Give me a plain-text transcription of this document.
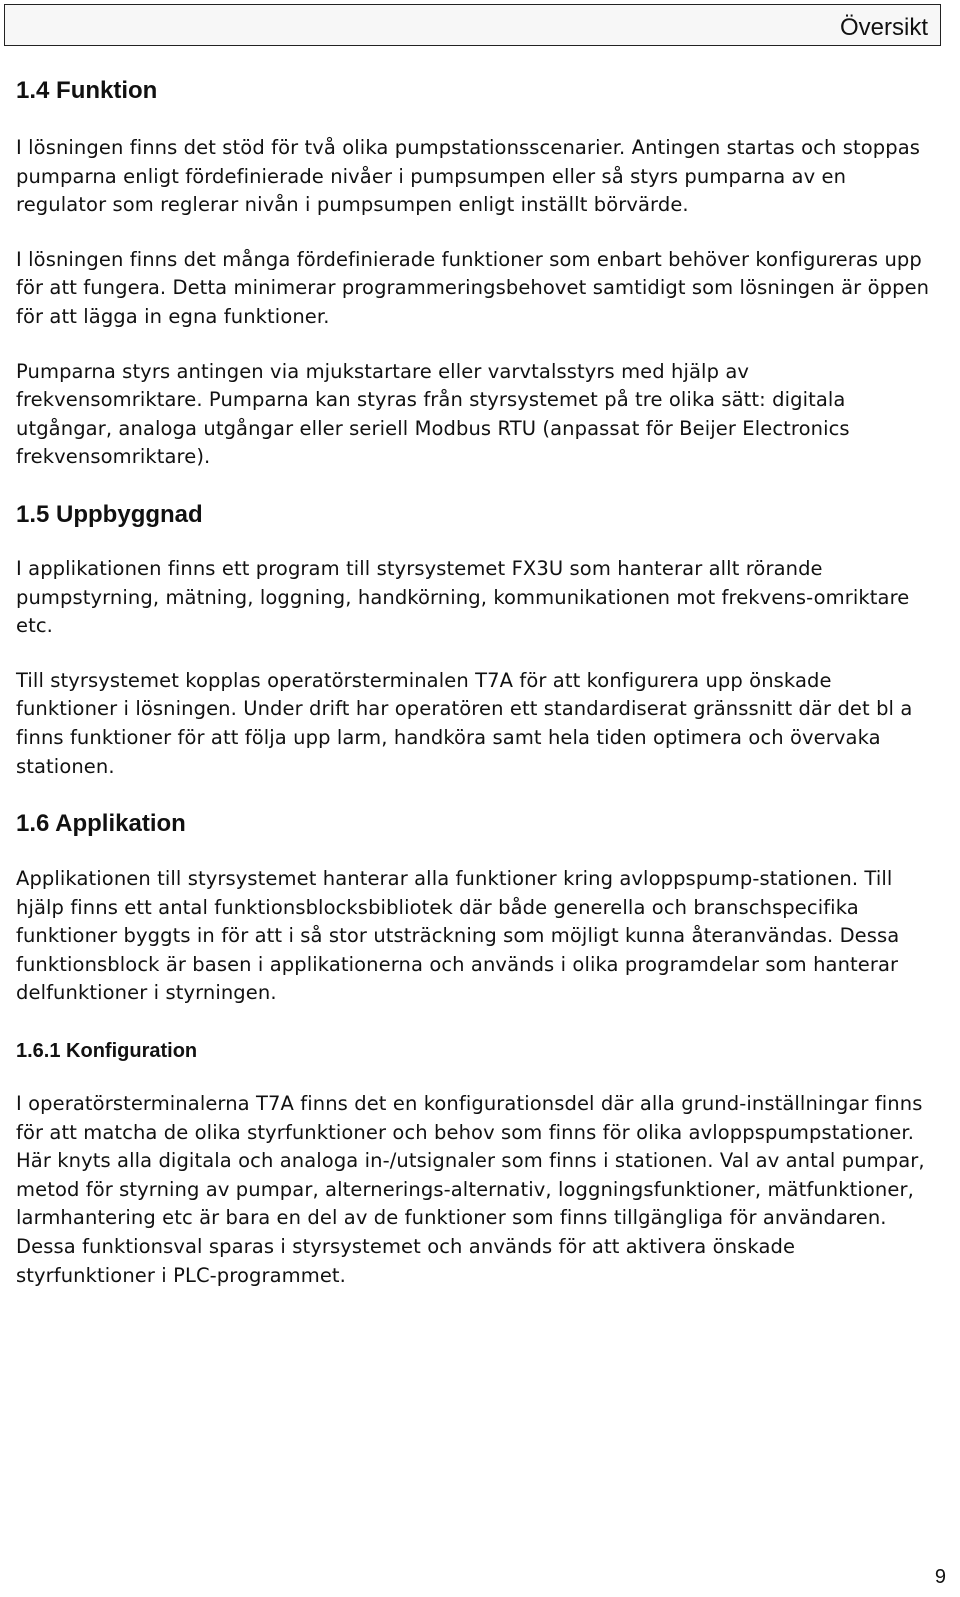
Översikt
1.4 Funktion

I lösningen finns det stöd för två olika pumpstationsscenarier. Antingen startas och stoppas pumparna enligt fördefinierade nivåer i pumpsumpen eller så styrs pumparna av en regulator som reglerar nivån i pumpsumpen enligt inställt börvärde.

I lösningen finns det många fördefinierade funktioner som enbart behöver konfigureras upp för att fungera. Detta minimerar programmeringsbehovet samtidigt som lösningen är öppen för att lägga in egna funktioner.

Pumparna styrs antingen via mjukstartare eller varvtalsstyrs med hjälp av frekvensomriktare. Pumparna kan styras från styrsystemet på tre olika sätt: digitala utgångar, analoga utgångar eller seriell Modbus RTU (anpassat för Beijer Electronics frekvensomriktare).

1.5 Uppbyggnad

I applikationen finns ett program till styrsystemet FX3U som hanterar allt rörande pumpstyrning, mätning, loggning, handkörning, kommunikationen mot frekvens-omriktare etc.

Till styrsystemet kopplas operatörsterminalen T7A för att konfigurera upp önskade funktioner i lösningen. Under drift har operatören ett standardiserat gränssnitt där det bl a finns funktioner för att följa upp larm, handköra samt hela tiden optimera och övervaka stationen.

1.6 Applikation

Applikationen till styrsystemet hanterar alla funktioner kring avloppspump-stationen. Till hjälp finns ett antal funktionsblocksbibliotek där både generella och branschspecifika funktioner byggts in för att i så stor utsträckning som möjligt kunna återanvändas. Dessa funktionsblock är basen i applikationerna och används i olika programdelar som hanterar delfunktioner i styrningen.

1.6.1 Konfiguration

I operatörsterminalerna T7A finns det en konfigurationsdel där alla grund-inställningar finns för att matcha de olika styrfunktioner och behov som finns för olika avloppspumpstationer. Här knyts alla digitala och analoga in-/utsignaler som finns i stationen. Val av antal pumpar, metod för styrning av pumpar, alternerings-alternativ, loggningsfunktioner, mätfunktioner, larmhantering etc är bara en del av de funktioner som finns tillgängliga för användaren. Dessa funktionsval sparas i styrsystemet och används för att aktivera önskade styrfunktioner i PLC-programmet.

9
